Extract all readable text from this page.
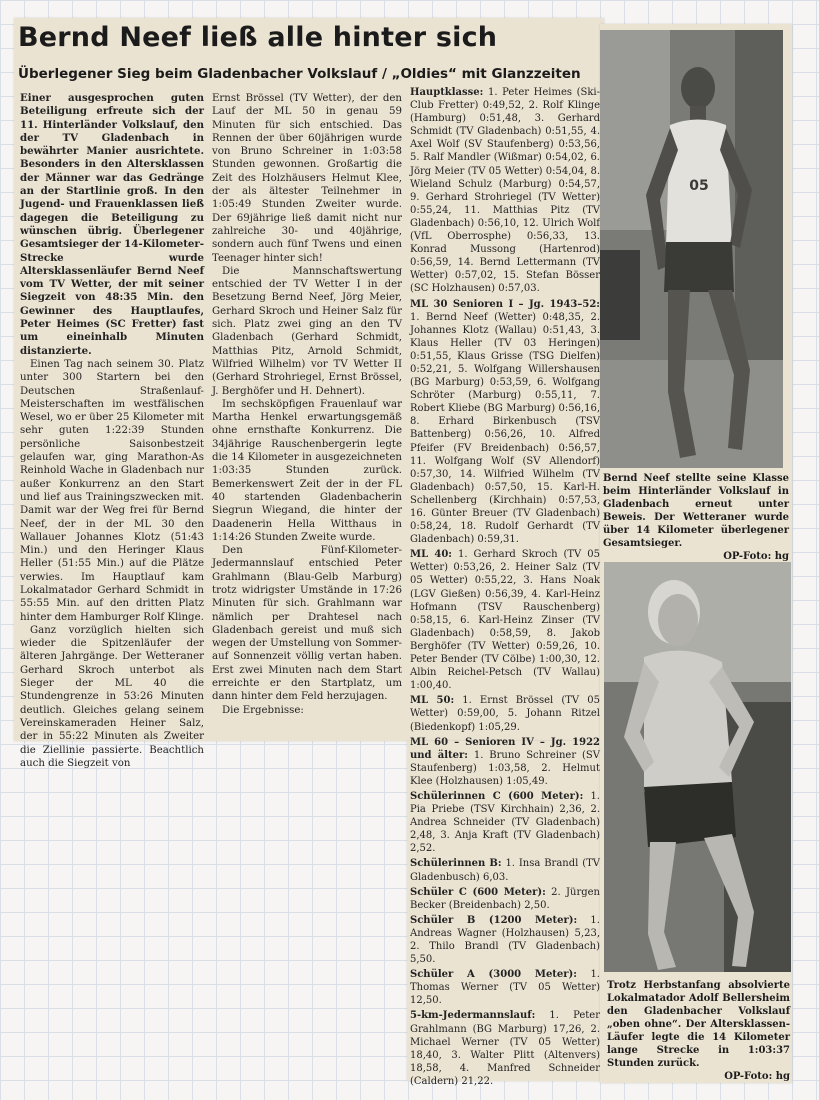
Bernd Neef ließ alle hinter sich
Überlegener Sieg beim Gladenbacher Volkslauf / „Oldies“ mit Glanzzeiten

Einer ausgesprochen guten Beteiligung erfreute sich der 11. Hinterländer Volkslauf, den der TV Gladenbach in bewährter Manier ausrichtete. Besonders in den Altersklassen der Männer war das Gedränge an der Startlinie groß. In den Jugend- und Frauenklassen ließ dagegen die Beteiligung zu wünschen übrig. Überlegener Gesamtsieger der 14-Kilometer-Strecke wurde Altersklassenläufer Bernd Neef vom TV Wetter, der mit seiner Siegzeit von 48:35 Min. den Gewinner des Hauptlaufes, Peter Heimes (SC Fretter) fast um eineinhalb Minuten distanzierte.

Einen Tag nach seinem 30. Platz unter 300 Startern bei den Deutschen Straßenlauf-Meisterschaften im westfälischen Wesel, wo er über 25 Kilometer mit sehr guten 1:22:39 Stunden persönliche Saisonbestzeit gelaufen war, ging Marathon-As Reinhold Wache in Gladenbach nur außer Konkurrenz an den Start und lief aus Trainingszwecken mit. Damit war der Weg frei für Bernd Neef, der in der ML 30 den Wallauer Johannes Klotz (51:43 Min.) und den Heringer Klaus Heller (51:55 Min.) auf die Plätze verwies. Im Hauptlauf kam Lokalmatador Gerhard Schmidt in 55:55 Min. auf den dritten Platz hinter dem Hamburger Rolf Klinge.

Ganz vorzüglich hielten sich wieder die Spitzenläufer der älteren Jahrgänge. Der Wetteraner Gerhard Skroch unterbot als Sieger der ML 40 die Stundengrenze in 53:26 Minuten deutlich. Gleiches gelang seinem Vereinskameraden Heiner Salz, der in 55:22 Minuten als Zweiter die Ziellinie passierte. Beachtlich auch die Siegzeit von

Ernst Brössel (TV Wetter), der den Lauf der ML 50 in genau 59 Minuten für sich entschied. Das Rennen der über 60jährigen wurde von Bruno Schreiner in 1:03:58 Stunden gewonnen. Großartig die Zeit des Holzhäusers Helmut Klee, der als ältester Teilnehmer in 1:05:49 Stunden Zweiter wurde. Der 69jährige ließ damit nicht nur zahlreiche 30- und 40jährige, sondern auch fünf Twens und einen Teenager hinter sich!

Die Mannschaftswertung entschied der TV Wetter I in der Besetzung Bernd Neef, Jörg Meier, Gerhard Skroch und Heiner Salz für sich. Platz zwei ging an den TV Gladenbach (Gerhard Schmidt, Matthias Pitz, Arnold Schmidt, Wilfried Wilhelm) vor TV Wetter II (Gerhard Strohriegel, Ernst Brössel, J. Berghöfer und H. Dehnert).

Im sechsköpfigen Frauenlauf war Martha Henkel erwartungsgemäß ohne ernsthafte Konkurrenz. Die 34jährige Rauschenbergerin legte die 14 Kilometer in ausgezeichneten 1:03:35 Stunden zurück. Bemerkenswert Zeit der in der FL 40 startenden Gladenbacherin Siegrun Wiegand, die hinter der Daadenerin Hella Witthaus in 1:14:26 Stunden Zweite wurde.

Den Fünf-Kilometer-Jedermannslauf entschied Peter Grahlmann (Blau-Gelb Marburg) trotz widrigster Umstände in 17:26 Minuten für sich. Grahlmann war nämlich per Drahtesel nach Gladenbach gereist und muß sich wegen der Umstellung von Sommer- auf Sonnenzeit völlig vertan haben. Erst zwei Minuten nach dem Start erreichte er den Startplatz, um dann hinter dem Feld herzujagen.

Die Ergebnisse:

Hauptklasse: 1. Peter Heimes (Ski-Club Fretter) 0:49,52, 2. Rolf Klinge (Hamburg) 0:51,48, 3. Gerhard Schmidt (TV Gladenbach) 0:51,55, 4. Axel Wolf (SV Staufenberg) 0:53,56, 5. Ralf Mandler (Wißmar) 0:54,02, 6. Jörg Meier (TV 05 Wetter) 0:54,04, 8. Wieland Schulz (Marburg) 0:54,57, 9. Gerhard Strohriegel (TV Wetter) 0:55,24, 11. Matthias Pitz (TV Gladenbach) 0:56,10, 12. Ulrich Wolf (VfL Oberrosphe) 0:56,33, 13. Konrad Mussong (Hartenrod) 0:56,59, 14. Bernd Lettermann (TV Wetter) 0:57,02, 15. Stefan Bösser (SC Holzhausen) 0:57,03.

ML 30 Senioren I – Jg. 1943–52: 1. Bernd Neef (Wetter) 0:48,35, 2. Johannes Klotz (Wallau) 0:51,43, 3. Klaus Heller (TV 03 Heringen) 0:51,55, Klaus Grisse (TSG Dielfen) 0:52,21, 5. Wolfgang Willershausen (BG Marburg) 0:53,59, 6. Wolfgang Schröter (Marburg) 0:55,11, 7. Robert Kliebe (BG Marburg) 0:56,16, 8. Erhard Birkenbusch (TSV Battenberg) 0:56,26, 10. Alfred Pfeifer (FV Breidenbach) 0:56,57, 11. Wolfgang Wolf (SV Allendorf) 0:57,30, 14. Wilfried Wilhelm (TV Gladenbach) 0:57,50, 15. Karl-H. Schellenberg (Kirchhain) 0:57,53, 16. Günter Breuer (TV Gladenbach) 0:58,24, 18. Rudolf Gerhardt (TV Gladenbach) 0:59,31.

ML 40: 1. Gerhard Skroch (TV 05 Wetter) 0:53,26, 2. Heiner Salz (TV 05 Wetter) 0:55,22, 3. Hans Noak (LGV Gießen) 0:56,39, 4. Karl-Heinz Hofmann (TSV Rauschenberg) 0:58,15, 6. Karl-Heinz Zinser (TV Gladenbach) 0:58,59, 8. Jakob Berghöfer (TV Wetter) 0:59,26, 10. Peter Bender (TV Cölbe) 1:00,30, 12. Albin Reichel-Petsch (TV Wallau) 1:00,40.

ML 50: 1. Ernst Brössel (TV 05 Wetter) 0:59,00, 5. Johann Ritzel (Biedenkopf) 1:05,29.

ML 60 – Senioren IV – Jg. 1922 und älter: 1. Bruno Schreiner (SV Staufenberg) 1:03,58, 2. Helmut Klee (Holzhausen) 1:05,49.

Schülerinnen C (600 Meter): 1. Pia Priebe (TSV Kirchhain) 2,36, 2. Andrea Schneider (TV Gladenbach) 2,48, 3. Anja Kraft (TV Gladenbach) 2,52.

Schülerinnen B: 1. Insa Brandl (TV Gladenbusch) 6,03.

Schüler C (600 Meter): 2. Jürgen Becker (Breidenbach) 2,50.

Schüler B (1200 Meter): 1. Andreas Wagner (Holzhausen) 5,23, 2. Thilo Brandl (TV Gladenbach) 5,50.

Schüler A (3000 Meter): 1. Thomas Werner (TV 05 Wetter) 12,50.

5-km-Jedermannslauf: 1. Peter Grahlmann (BG Marburg) 17,26, 2. Michael Werner (TV 05 Wetter) 18,40, 3. Walter Plitt (Altenvers) 18,58, 4. Manfred Schneider (Caldern) 21,22.

05
Bernd Neef stellte seine Klasse beim Hinterländer Volkslauf in Gladenbach erneut unter Beweis. Der Wetteraner wurde über 14 Kilometer überlegener Gesamtsieger.
OP-Foto: hg
Trotz Herbstanfang absolvierte Lokalmatador Adolf Bellersheim den Gladenbacher Volkslauf „oben ohne“. Der Altersklassen-Läufer legte die 14 Kilometer lange Strecke in 1:03:37 Stunden zurück.
OP-Foto: hg
